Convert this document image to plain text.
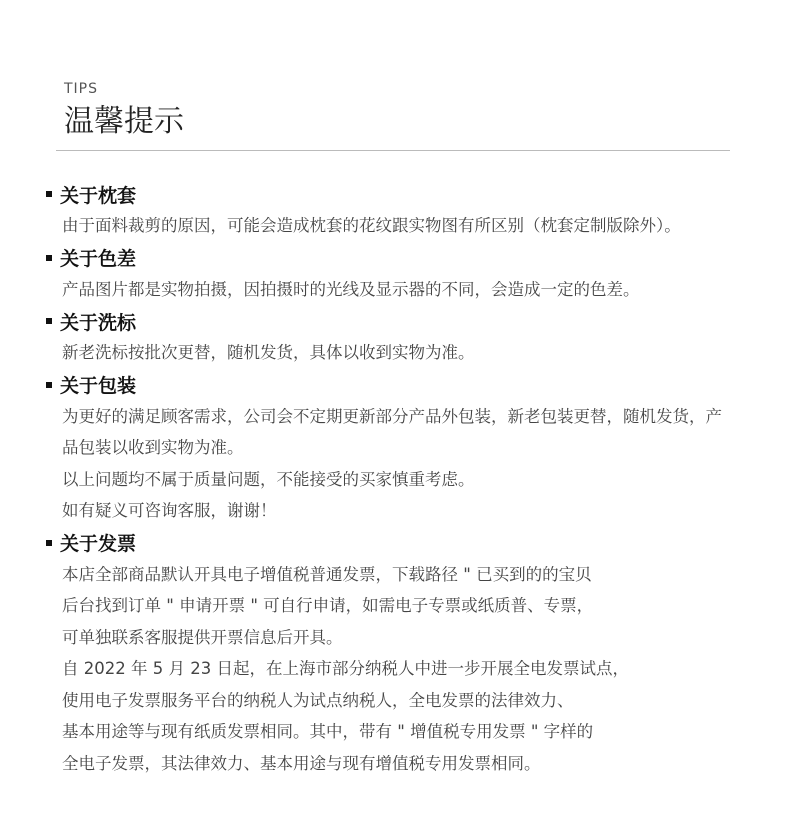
TIPS
温馨提示
关于枕套
由于面料裁剪的原因，可能会造成枕套的花纹跟实物图有所区别（枕套定制版除外）。
关于色差
产品图片都是实物拍摄，因拍摄时的光线及显示器的不同，会造成一定的色差。
关于洗标
新老洗标按批次更替，随机发货，具体以收到实物为准。
关于包装
为更好的满足顾客需求，公司会不定期更新部分产品外包装，新老包装更替，随机发货，产品包装以收到实物为准。
以上问题均不属于质量问题，不能接受的买家慎重考虑。
如有疑义可咨询客服，谢谢！
关于发票
本店全部商品默认开具电子增值税普通发票，下载路径 " 已买到的的宝贝
后台找到订单 " 申请开票 " 可自行申请，如需电子专票或纸质普、专票，
可单独联系客服提供开票信息后开具。
自 2022 年 5 月 23 日起，在上海市部分纳税人中进一步开展全电发票试点，
使用电子发票服务平台的纳税人为试点纳税人，全电发票的法律效力、
基本用途等与现有纸质发票相同。其中，带有 " 增值税专用发票 " 字样的
全电子发票，其法律效力、基本用途与现有增值税专用发票相同。
